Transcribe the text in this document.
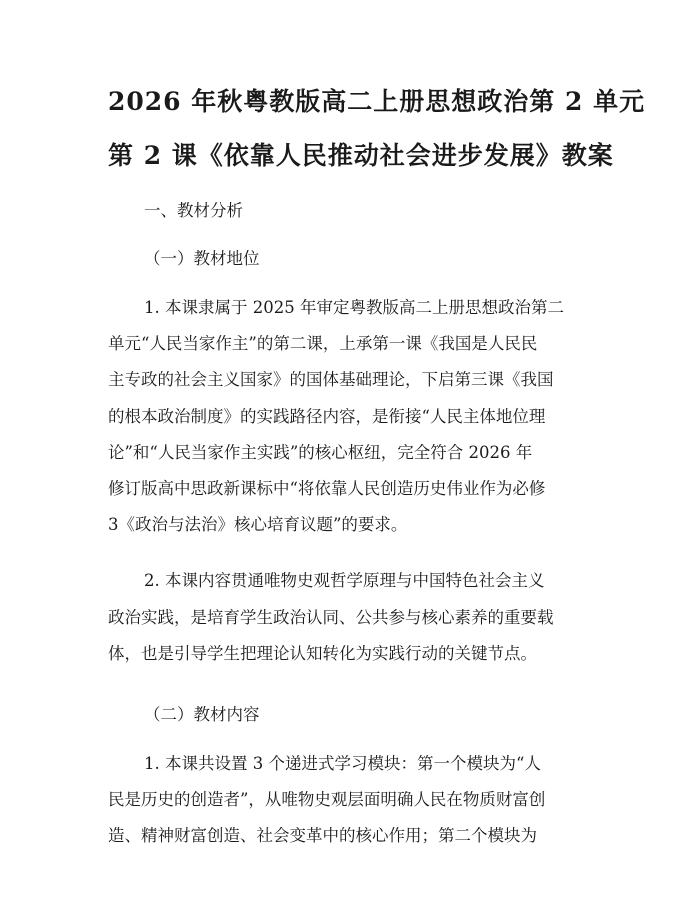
2026 年秋粤教版高二上册思想政治第 2 单元
第 2 课《依靠人民推动社会进步发展》教案

一、教材分析

（一）教材地位

1. 本课隶属于 2025 年审定粤教版高二上册思想政治第二
单元“人民当家作主”的第二课，上承第一课《我国是人民民
主专政的社会主义国家》的国体基础理论，下启第三课《我国
的根本政治制度》的实践路径内容，是衔接“人民主体地位理
论”和“人民当家作主实践”的核心枢纽，完全符合 2026 年
修订版高中思政新课标中“将依靠人民创造历史伟业作为必修
3《政治与法治》核心培育议题”的要求。

2. 本课内容贯通唯物史观哲学原理与中国特色社会主义
政治实践，是培育学生政治认同、公共参与核心素养的重要载
体，也是引导学生把理论认知转化为实践行动的关键节点。

（二）教材内容

1. 本课共设置 3 个递进式学习模块：第一个模块为“人
民是历史的创造者”，从唯物史观层面明确人民在物质财富创
造、精神财富创造、社会变革中的核心作用；第二个模块为
